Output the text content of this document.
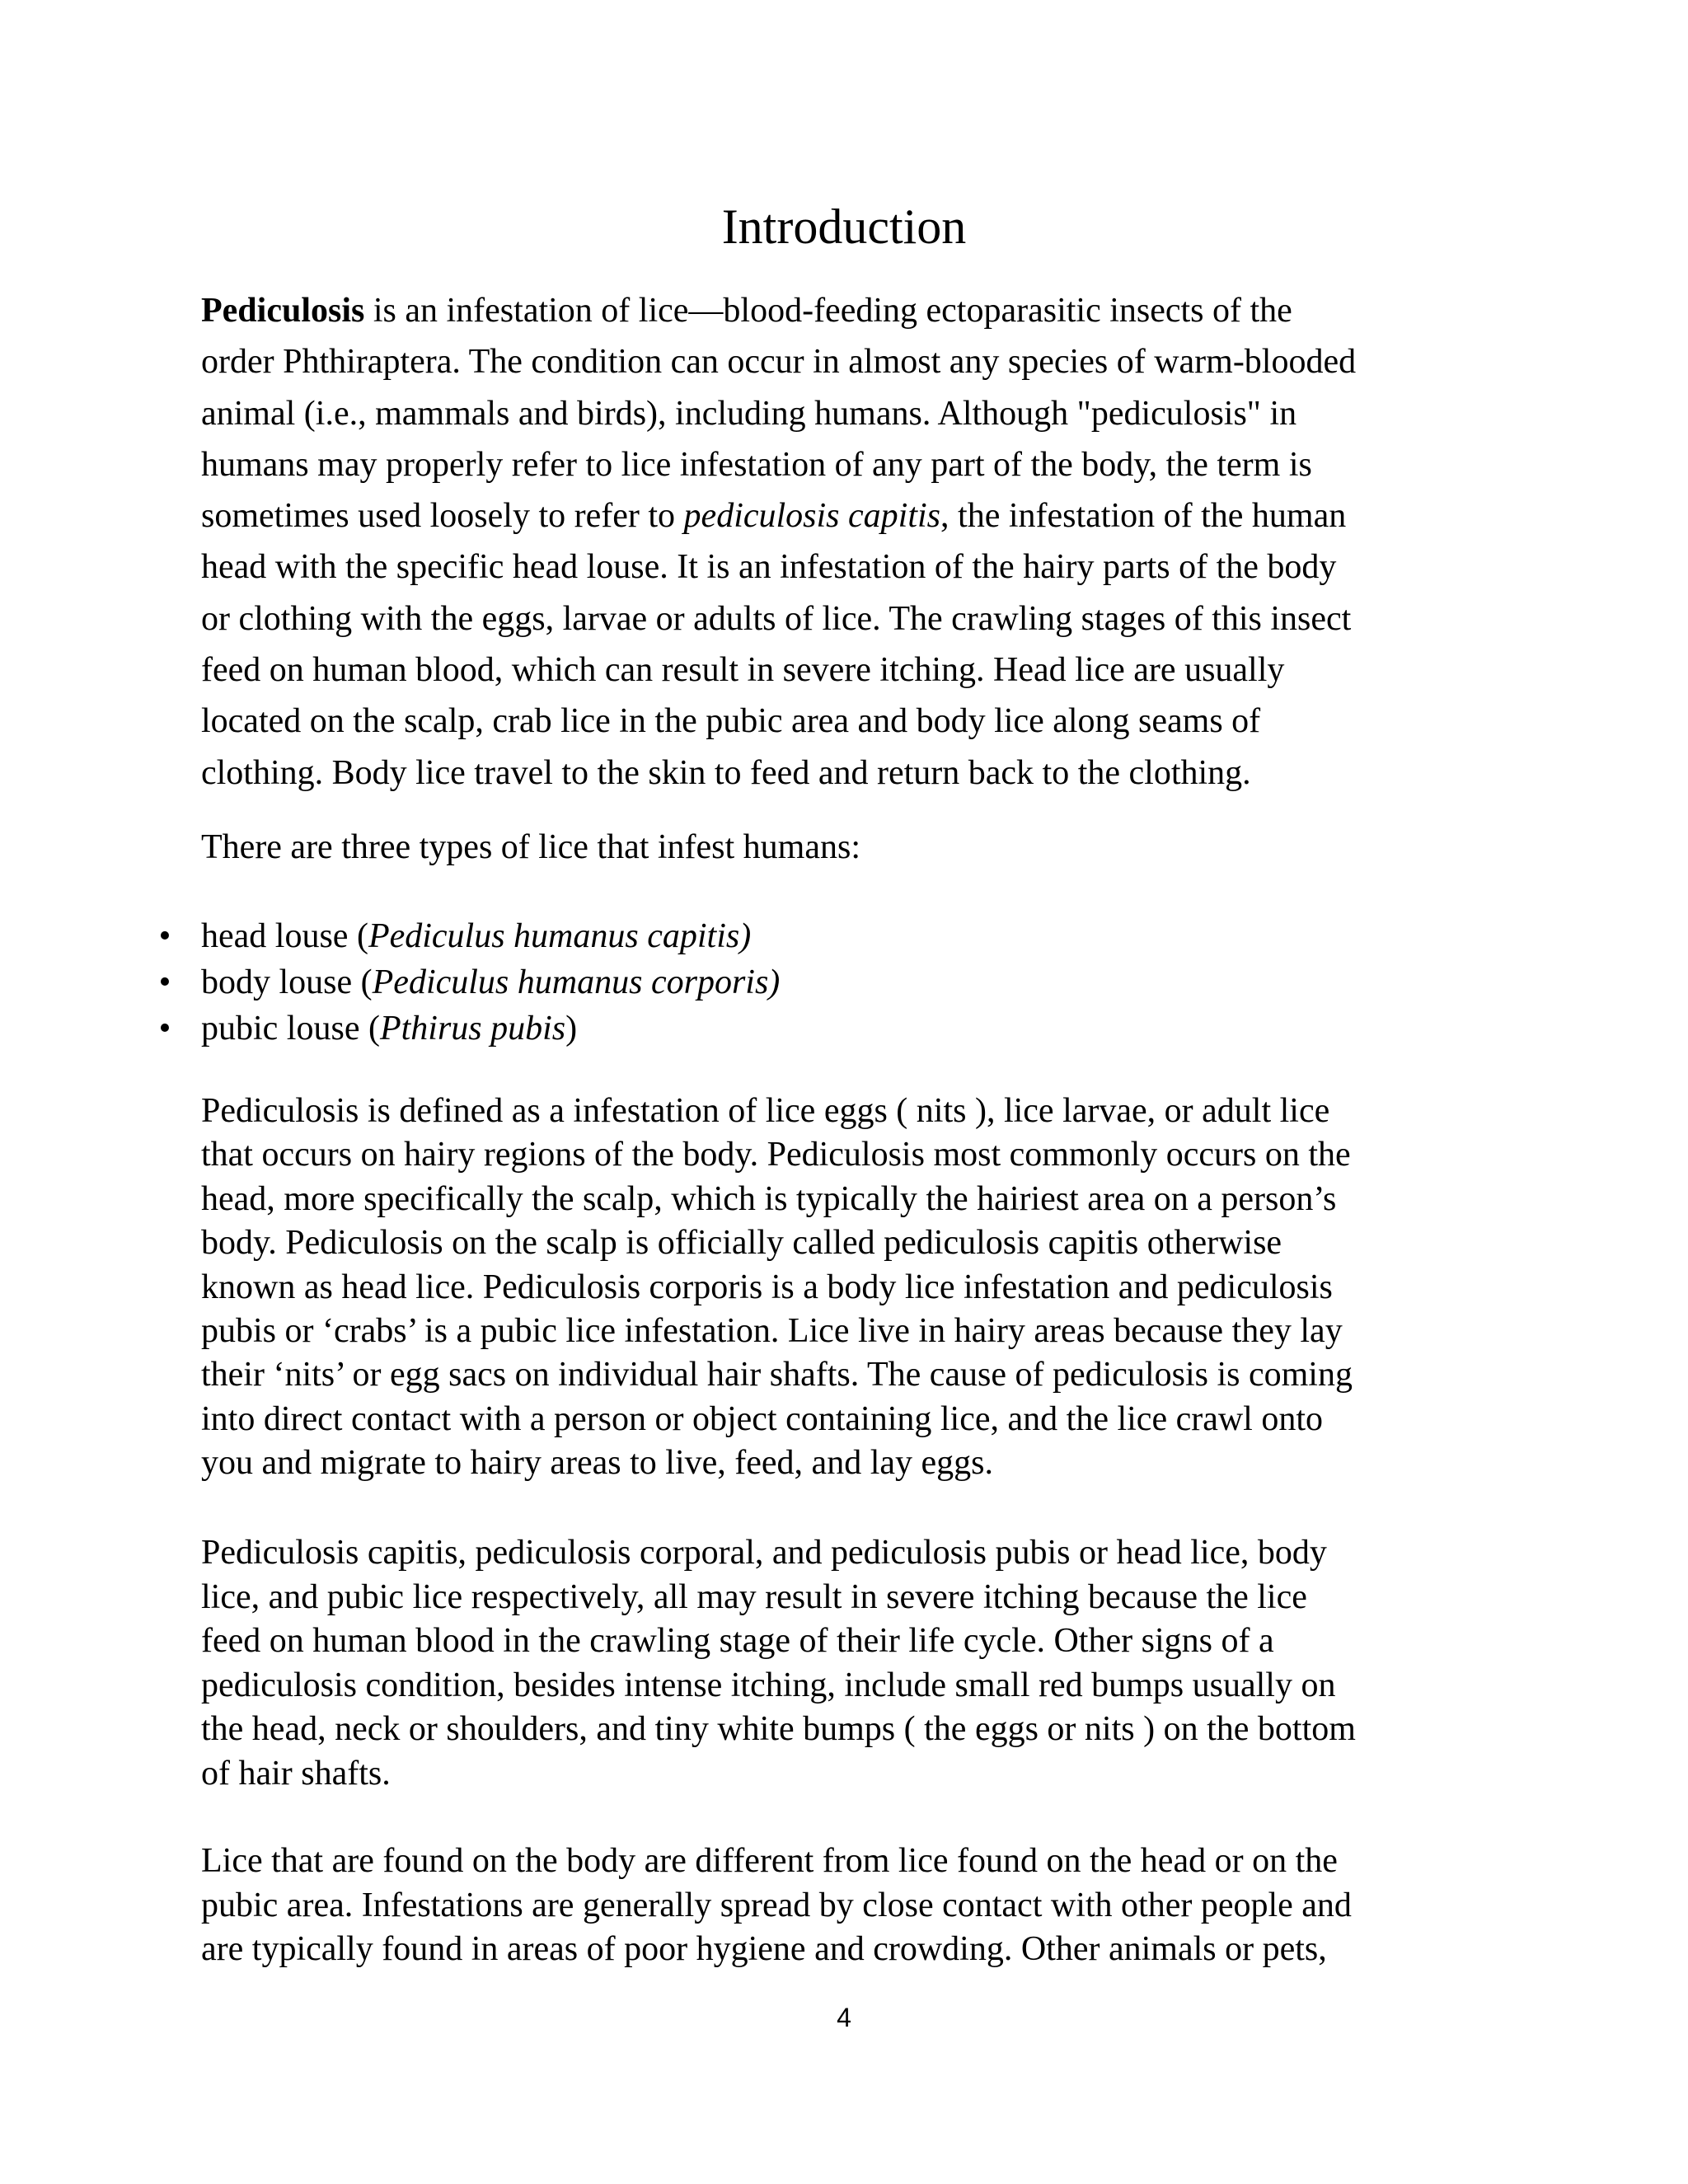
Introduction
Pediculosis is an infestation of lice—blood-feeding ectoparasitic insects of the
order Phthiraptera. The condition can occur in almost any species of warm-blooded
animal (i.e., mammals and birds), including humans. Although "pediculosis" in
humans may properly refer to lice infestation of any part of the body, the term is
sometimes used loosely to refer to pediculosis capitis, the infestation of the human
head with the specific head louse. It is an infestation of the hairy parts of the body
or clothing with the eggs, larvae or adults of lice. The crawling stages of this insect
feed on human blood, which can result in severe itching. Head lice are usually
located on the scalp, crab lice in the pubic area and body lice along seams of
clothing. Body lice travel to the skin to feed and return back to the clothing.

There are three types of lice that infest humans:

• head louse (Pediculus humanus capitis)
• body louse (Pediculus humanus corporis)
• pubic louse (Pthirus pubis)
Pediculosis is defined as a infestation of lice eggs ( nits ), lice larvae, or adult lice
that occurs on hairy regions of the body. Pediculosis most commonly occurs on the
head, more specifically the scalp, which is typically the hairiest area on a person’s
body. Pediculosis on the scalp is officially called pediculosis capitis otherwise
known as head lice. Pediculosis corporis is a body lice infestation and pediculosis
pubis or ‘crabs’ is a pubic lice infestation. Lice live in hairy areas because they lay
their ‘nits’ or egg sacs on individual hair shafts. The cause of pediculosis is coming
into direct contact with a person or object containing lice, and the lice crawl onto
you and migrate to hairy areas to live, feed, and lay eggs.
Pediculosis capitis, pediculosis corporal, and pediculosis pubis or head lice, body
lice, and pubic lice respectively, all may result in severe itching because the lice
feed on human blood in the crawling stage of their life cycle. Other signs of a
pediculosis condition, besides intense itching, include small red bumps usually on
the head, neck or shoulders, and tiny white bumps ( the eggs or nits ) on the bottom
of hair shafts.
Lice that are found on the body are different from lice found on the head or on the
pubic area. Infestations are generally spread by close contact with other people and
are typically found in areas of poor hygiene and crowding. Other animals or pets,
4
